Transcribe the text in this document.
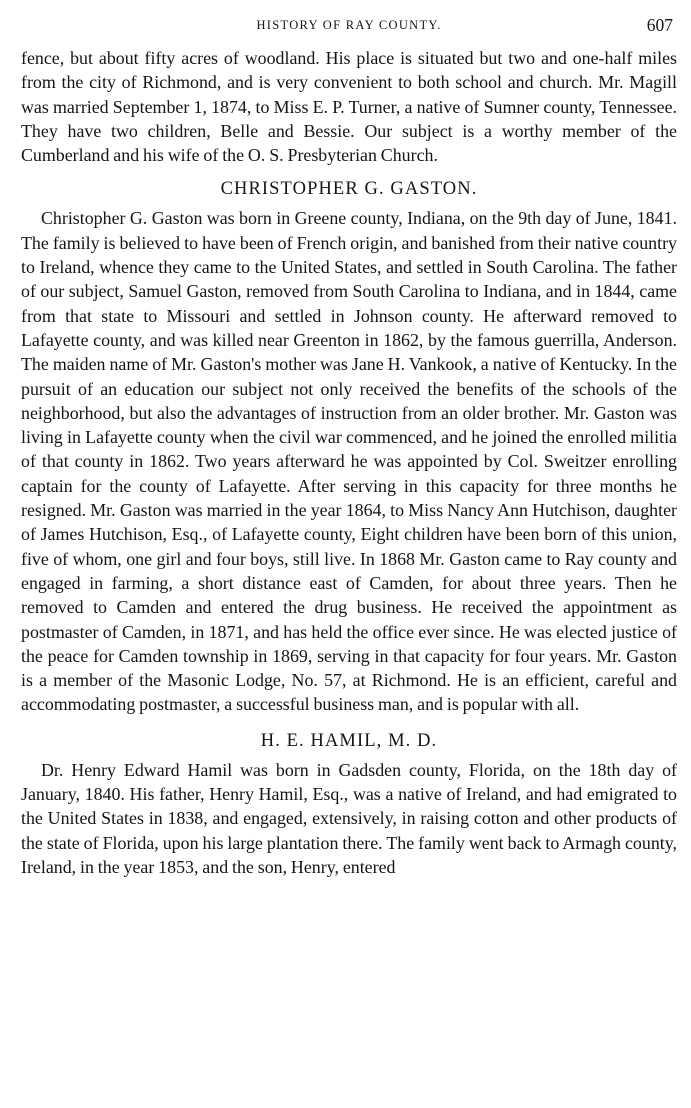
HISTORY OF RAY COUNTY.	607

fence, but about fifty acres of woodland. His place is situated but two and one-half miles from the city of Richmond, and is very convenient to both school and church. Mr. Magill was married September 1, 1874, to Miss E. P. Turner, a native of Sumner county, Tennessee. They have two children, Belle and Bessie. Our subject is a worthy member of the Cumberland and his wife of the O. S. Presbyterian Church.

CHRISTOPHER G. GASTON.

Christopher G. Gaston was born in Greene county, Indiana, on the 9th day of June, 1841. The family is believed to have been of French origin, and banished from their native country to Ireland, whence they came to the United States, and settled in South Carolina. The father of our subject, Samuel Gaston, removed from South Carolina to Indiana, and in 1844, came from that state to Missouri and settled in Johnson county. He afterward removed to Lafayette county, and was killed near Greenton in 1862, by the famous guerrilla, Anderson. The maiden name of Mr. Gaston's mother was Jane H. Vankook, a native of Kentucky. In the pursuit of an education our subject not only received the benefits of the schools of the neighborhood, but also the advantages of instruction from an older brother. Mr. Gaston was living in Lafayette county when the civil war commenced, and he joined the enrolled militia of that county in 1862. Two years afterward he was appointed by Col. Sweitzer enrolling captain for the county of Lafayette. After serving in this capacity for three months he resigned. Mr. Gaston was married in the year 1864, to Miss Nancy Ann Hutchison, daughter of James Hutchison, Esq., of Lafayette county, Eight children have been born of this union, five of whom, one girl and four boys, still live. In 1868 Mr. Gaston came to Ray county and engaged in farming, a short distance east of Camden, for about three years. Then he removed to Camden and entered the drug business. He received the appointment as postmaster of Camden, in 1871, and has held the office ever since. He was elected justice of the peace for Camden township in 1869, serving in that capacity for four years. Mr. Gaston is a member of the Masonic Lodge, No. 57, at Richmond. He is an efficient, careful and accommodating postmaster, a successful business man, and is popular with all.

H. E. HAMIL, M. D.

Dr. Henry Edward Hamil was born in Gadsden county, Florida, on the 18th day of January, 1840. His father, Henry Hamil, Esq., was a native of Ireland, and had emigrated to the United States in 1838, and engaged, extensively, in raising cotton and other products of the state of Florida, upon his large plantation there. The family went back to Armagh county, Ireland, in the year 1853, and the son, Henry, entered
